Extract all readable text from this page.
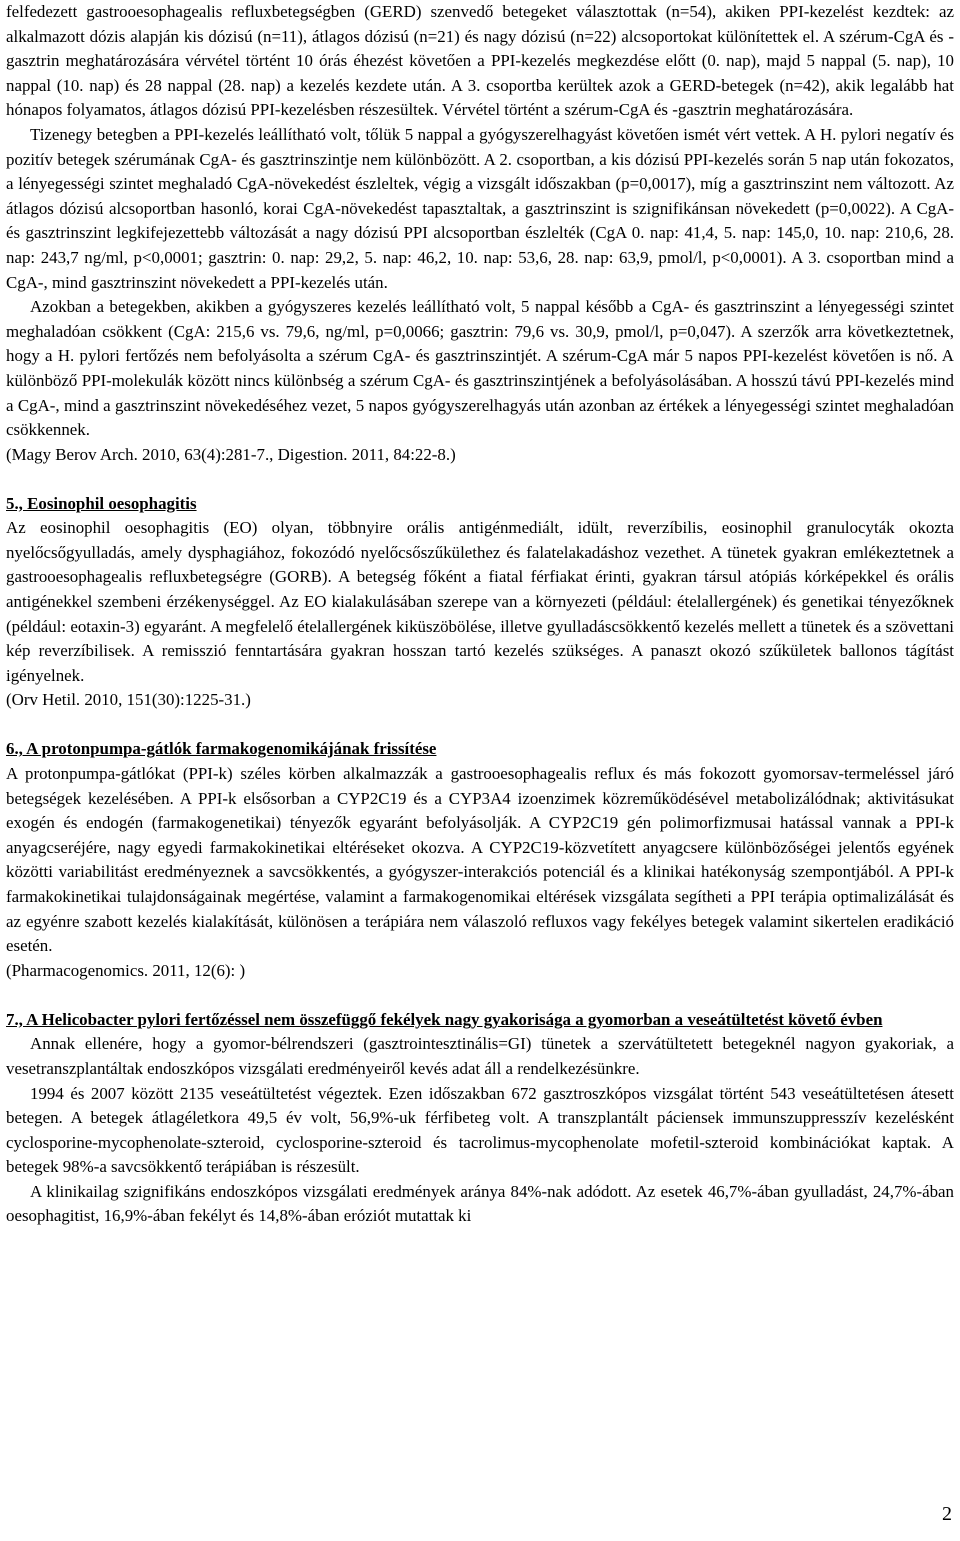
felfedezett gastrooesophagealis refluxbetegségben (GERD) szenvedő betegeket választottak (n=54), akiken PPI-kezelést kezdtek: az alkalmazott dózis alapján kis dózisú (n=11), átlagos dózisú (n=21) és nagy dózisú (n=22) alcsoportokat különítettek el. A szérum-CgA és -gasztrin meghatározására vérvétel történt 10 órás éhezést követően a PPI-kezelés megkezdése előtt (0. nap), majd 5 nappal (5. nap), 10 nappal (10. nap) és 28 nappal (28. nap) a kezelés kezdete után. A 3. csoportba kerültek azok a GERD-betegek (n=42), akik legalább hat hónapos folyamatos, átlagos dózisú PPI-kezelésben részesültek. Vérvétel történt a szérum-CgA és -gasztrin meghatározására.

Tizenegy betegben a PPI-kezelés leállítható volt, tőlük 5 nappal a gyógyszerelhagyást követően ismét vért vettek. A H. pylori negatív és pozitív betegek szérumának CgA- és gasztrinszintje nem különbözött. A 2. csoportban, a kis dózisú PPI-kezelés során 5 nap után fokozatos, a lényegességi szintet meghaladó CgA-növekedést észleltek, végig a vizsgált időszakban (p=0,0017), míg a gasztrinszint nem változott. Az átlagos dózisú alcsoportban hasonló, korai CgA-növekedést tapasztaltak, a gasztrinszint is szignifikánsan növekedett (p=0,0022). A CgA- és gasztrinszint legkifejezettebb változását a nagy dózisú PPI alcsoportban észlelték (CgA 0. nap: 41,4, 5. nap: 145,0, 10. nap: 210,6, 28. nap: 243,7 ng/ml, p<0,0001; gasztrin: 0. nap: 29,2, 5. nap: 46,2, 10. nap: 53,6, 28. nap: 63,9, pmol/l, p<0,0001). A 3. csoportban mind a CgA-, mind gasztrinszint növekedett a PPI-kezelés után.

Azokban a betegekben, akikben a gyógyszeres kezelés leállítható volt, 5 nappal később a CgA- és gasztrinszint a lényegességi szintet meghaladóan csökkent (CgA: 215,6 vs. 79,6, ng/ml, p=0,0066; gasztrin: 79,6 vs. 30,9, pmol/l, p=0,047). A szerzők arra következtetnek, hogy a H. pylori fertőzés nem befolyásolta a szérum CgA- és gasztrinszintjét. A szérum-CgA már 5 napos PPI-kezelést követően is nő. A különböző PPI-molekulák között nincs különbség a szérum CgA- és gasztrinszintjének a befolyásolásában. A hosszú távú PPI-kezelés mind a CgA-, mind a gasztrinszint növekedéséhez vezet, 5 napos gyógyszerelhagyás után azonban az értékek a lényegességi szintet meghaladóan csökkennek.

(Magy Berov Arch. 2010, 63(4):281-7., Digestion. 2011, 84:22-8.)

5., Eosinophil oesophagitis

Az eosinophil oesophagitis (EO) olyan, többnyire orális antigénmediált, idült, reverzíbilis, eosinophil granulocyták okozta nyelőcsőgyulladás, amely dysphagiához, fokozódó nyelőcsőszűkülethez és falatelakadáshoz vezethet. A tünetek gyakran emlékeztetnek a gastrooesophagealis refluxbetegségre (GORB). A betegség főként a fiatal férfiakat érinti, gyakran társul atópiás kórképekkel és orális antigénekkel szembeni érzékenységgel. Az EO kialakulásában szerepe van a környezeti (például: ételallergének) és genetikai tényezőknek (például: eotaxin-3) egyaránt. A megfelelő ételallergének kiküszöbölése, illetve gyulladáscsökkentő kezelés mellett a tünetek és a szövettani kép reverzíbilisek. A remisszió fenntartására gyakran hosszan tartó kezelés szükséges. A panaszt okozó szűkületek ballonos tágítást igényelnek.

(Orv Hetil. 2010, 151(30):1225-31.)

6., A protonpumpa-gátlók farmakogenomikájának frissítése

A protonpumpa-gátlókat (PPI-k) széles körben alkalmazzák a gastrooesophagealis reflux és más fokozott gyomorsav-termeléssel járó betegségek kezelésében. A PPI-k elsősorban a CYP2C19 és a CYP3A4 izoenzimek közreműködésével metabolizálódnak; aktivitásukat exogén és endogén (farmakogenetikai) tényezők egyaránt befolyásolják. A CYP2C19 gén polimorfizmusai hatással vannak a PPI-k anyagcseréjére, nagy egyedi farmakokinetikai eltéréseket okozva. A CYP2C19-közvetített anyagcsere különbözőségei jelentős egyének közötti variabilitást eredményeznek a savcsökkentés, a gyógyszer-interakciós potenciál és a klinikai hatékonyság szempontjából. A PPI-k farmakokinetikai tulajdonságainak megértése, valamint a farmakogenomikai eltérések vizsgálata segítheti a PPI terápia optimalizálását és az egyénre szabott kezelés kialakítását, különösen a terápiára nem válaszoló refluxos vagy fekélyes betegek valamint sikertelen eradikáció esetén.

(Pharmacogenomics. 2011, 12(6): )

7., A Helicobacter pylori fertőzéssel nem összefüggő fekélyek nagy gyakorisága a gyomorban a veseátültetést követő évben

Annak ellenére, hogy a gyomor-bélrendszeri (gasztrointesztinális=GI) tünetek a szervátültetett betegeknél nagyon gyakoriak, a vesetranszplantáltak endoszkópos vizsgálati eredményeiről kevés adat áll a rendelkezésünkre.

1994 és 2007 között 2135 veseátültetést végeztek. Ezen időszakban 672 gasztroszkópos vizsgálat történt 543 veseátültetésen átesett betegen. A betegek átlagéletkora 49,5 év volt, 56,9%-uk férfibeteg volt. A transzplantált páciensek immunszuppresszív kezelésként cyclosporine-mycophenolate-szteroid, cyclosporine-szteroid és tacrolimus-mycophenolate mofetil-szteroid kombinációkat kaptak. A betegek 98%-a savcsökkentő terápiában is részesült.

A klinikailag szignifikáns endoszkópos vizsgálati eredmények aránya 84%-nak adódott. Az esetek 46,7%-ában gyulladást, 24,7%-ában oesophagitist, 16,9%-ában fekélyt és 14,8%-ában eróziót mutattak ki

2
